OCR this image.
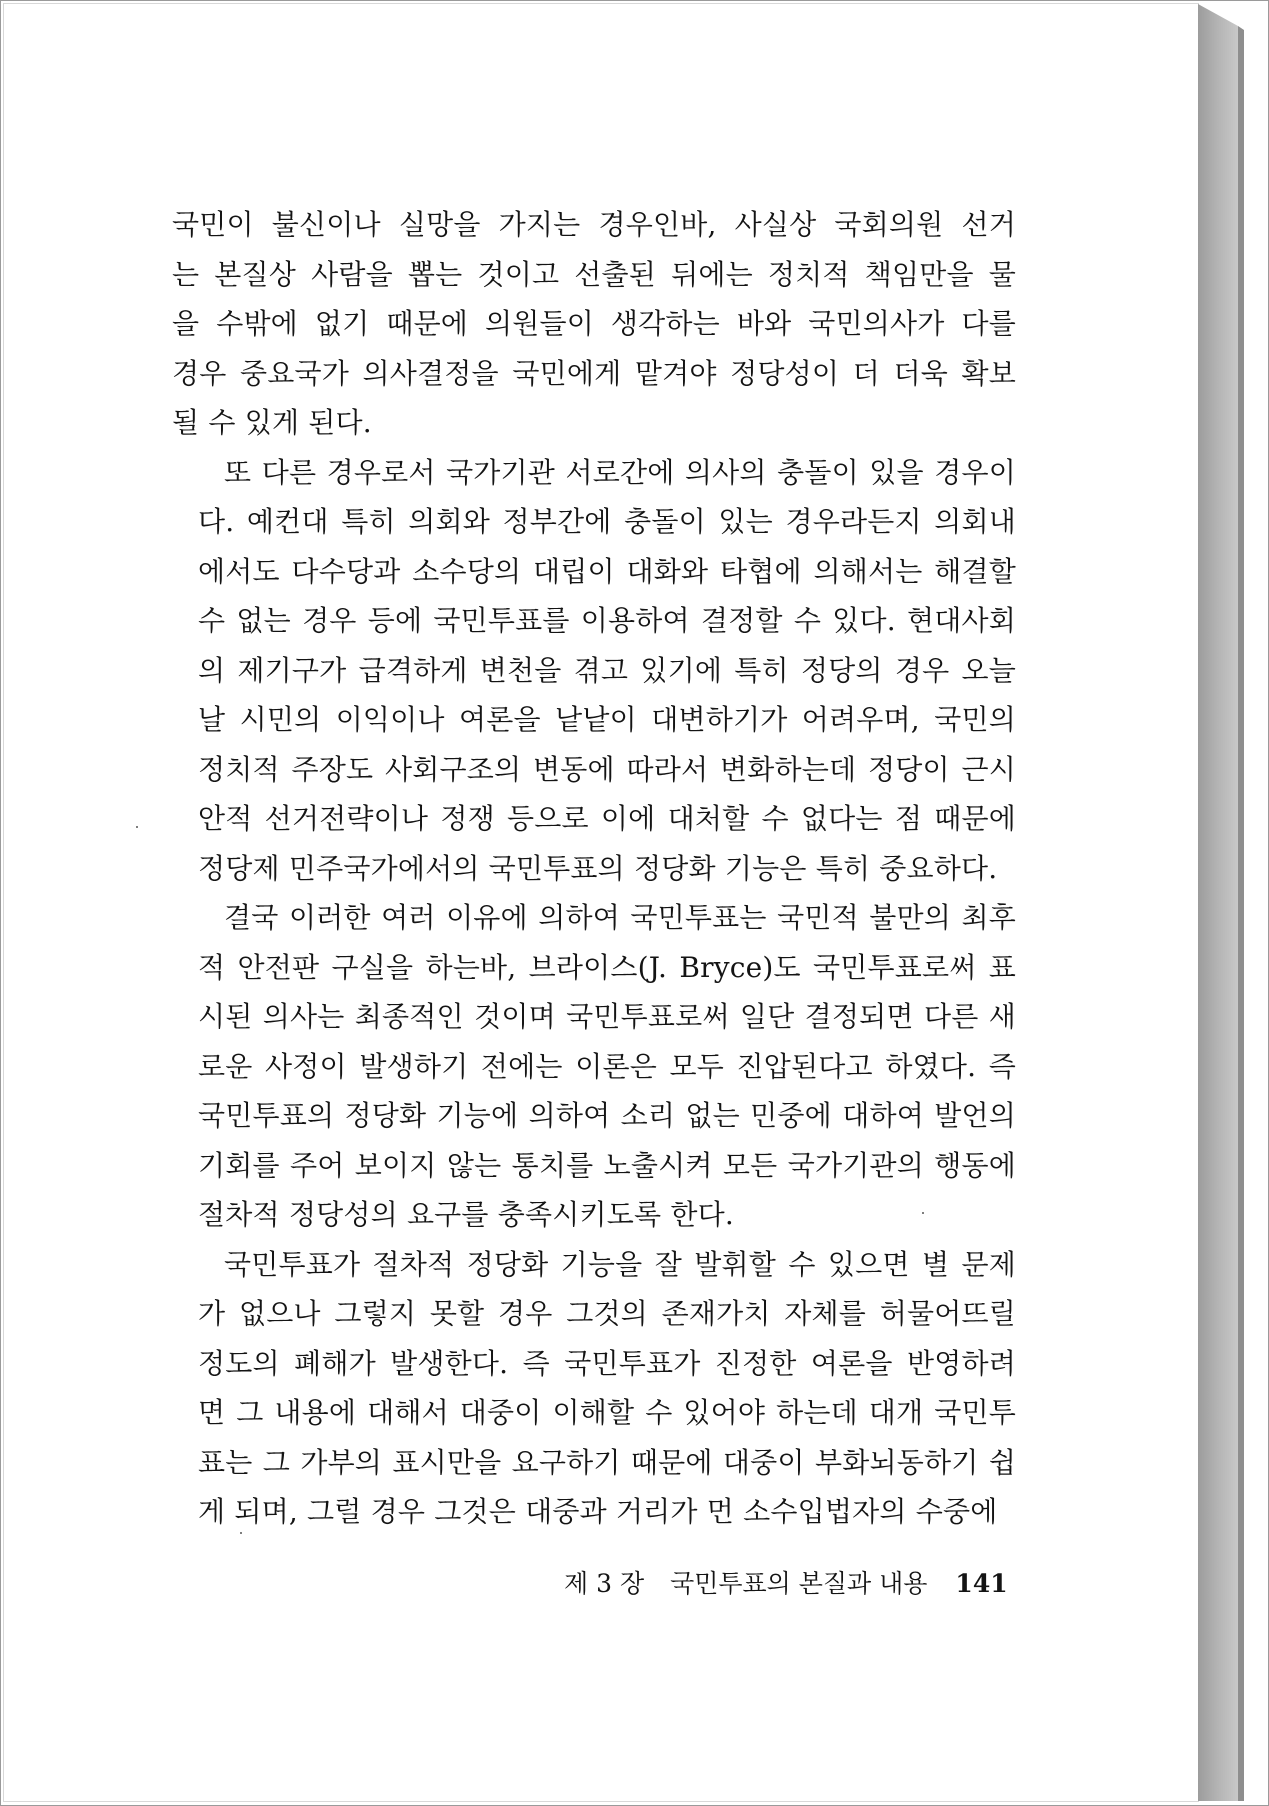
국민이 불신이나 실망을 가지는 경우인바, 사실상 국회의원 선거
는 본질상 사람을 뽑는 것이고 선출된 뒤에는 정치적 책임만을 물
을 수밖에 없기 때문에 의원들이 생각하는 바와 국민의사가 다를
경우 중요국가 의사결정을 국민에게 맡겨야 정당성이 더 더욱 확보
될 수 있게 된다.

또 다른 경우로서 국가기관 서로간에 의사의 충돌이 있을 경우이
다. 예컨대 특히 의회와 정부간에 충돌이 있는 경우라든지 의회내
에서도 다수당과 소수당의 대립이 대화와 타협에 의해서는 해결할
수 없는 경우 등에 국민투표를 이용하여 결정할 수 있다. 현대사회
의 제기구가 급격하게 변천을 겪고 있기에 특히 정당의 경우 오늘
날 시민의 이익이나 여론을 낱낱이 대변하기가 어려우며, 국민의
정치적 주장도 사회구조의 변동에 따라서 변화하는데 정당이 근시
안적 선거전략이나 정쟁 등으로 이에 대처할 수 없다는 점 때문에
정당제 민주국가에서의 국민투표의 정당화 기능은 특히 중요하다.

결국 이러한 여러 이유에 의하여 국민투표는 국민적 불만의 최후
적 안전판 구실을 하는바, 브라이스(J. Bryce)도 국민투표로써 표
시된 의사는 최종적인 것이며 국민투표로써 일단 결정되면 다른 새
로운 사정이 발생하기 전에는 이론은 모두 진압된다고 하였다. 즉
국민투표의 정당화 기능에 의하여 소리 없는 민중에 대하여 발언의
기회를 주어 보이지 않는 통치를 노출시켜 모든 국가기관의 행동에
절차적 정당성의 요구를 충족시키도록 한다.

국민투표가 절차적 정당화 기능을 잘 발휘할 수 있으면 별 문제
가 없으나 그렇지 못할 경우 그것의 존재가치 자체를 허물어뜨릴
정도의 폐해가 발생한다. 즉 국민투표가 진정한 여론을 반영하려
면 그 내용에 대해서 대중이 이해할 수 있어야 하는데 대개 국민투
표는 그 가부의 표시만을 요구하기 때문에 대중이 부화뇌동하기 쉽
게 되며, 그럴 경우 그것은 대중과 거리가 먼 소수입법자의 수중에

제 3 장 국민투표의 본질과 내용 141
